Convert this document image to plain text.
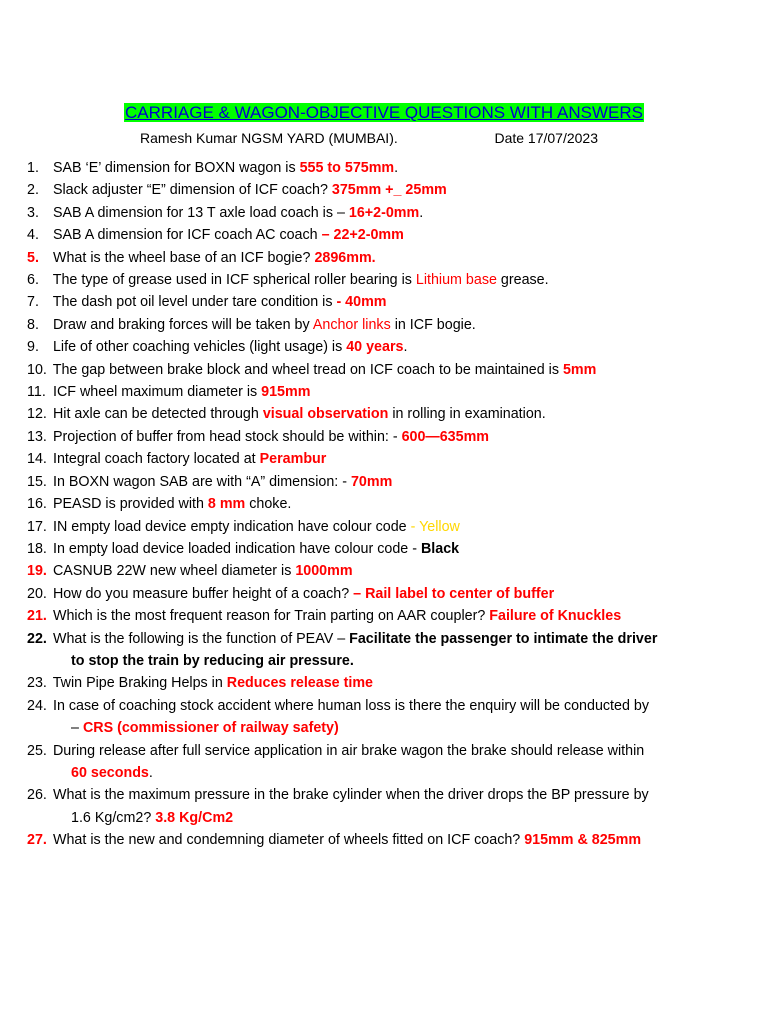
CARRIAGE & WAGON-OBJECTIVE QUESTIONS WITH ANSWERS
Ramesh Kumar NGSM YARD (MUMBAI).	Date 17/07/2023
1. SAB ‘E’ dimension for BOXN wagon is 555 to 575mm.
2. Slack adjuster “E” dimension of ICF coach? 375mm +_ 25mm
3. SAB A dimension for 13 T axle load coach is – 16+2-0mm.
4. SAB A dimension for ICF coach AC coach – 22+2-0mm
5. What is the wheel base of an ICF bogie? 2896mm.
6. The type of grease used in ICF spherical roller bearing is Lithium base grease.
7. The dash pot oil level under tare condition is - 40mm
8. Draw and braking forces will be taken by Anchor links in ICF bogie.
9. Life of other coaching vehicles (light usage) is 40 years.
10. The gap between brake block and wheel tread on ICF coach to be maintained is 5mm
11. ICF wheel maximum diameter is 915mm
12. Hit axle can be detected through visual observation in rolling in examination.
13. Projection of buffer from head stock should be within: - 600—635mm
14. Integral coach factory located at Perambur
15. In BOXN wagon SAB are with “A” dimension: - 70mm
16. PEASD is provided with 8 mm choke.
17. IN empty load device empty indication have colour code - Yellow
18. In empty load device loaded indication have colour code - Black
19. CASNUB 22W new wheel diameter is 1000mm
20. How do you measure buffer height of a coach? – Rail label to center of buffer
21. Which is the most frequent reason for Train parting on AAR coupler? Failure of Knuckles
22. What is the following is the function of PEAV – Facilitate the passenger to intimate the driver to stop the train by reducing air pressure.
23. Twin Pipe Braking Helps in Reduces release time
24. In case of coaching stock accident where human loss is there the enquiry will be conducted by – CRS (commissioner of railway safety)
25. During release after full service application in air brake wagon the brake should release within 60 seconds.
26. What is the maximum pressure in the brake cylinder when the driver drops the BP pressure by 1.6 Kg/cm2? 3.8 Kg/Cm2
27. What is the new and condemning diameter of wheels fitted on ICF coach? 915mm & 825mm
